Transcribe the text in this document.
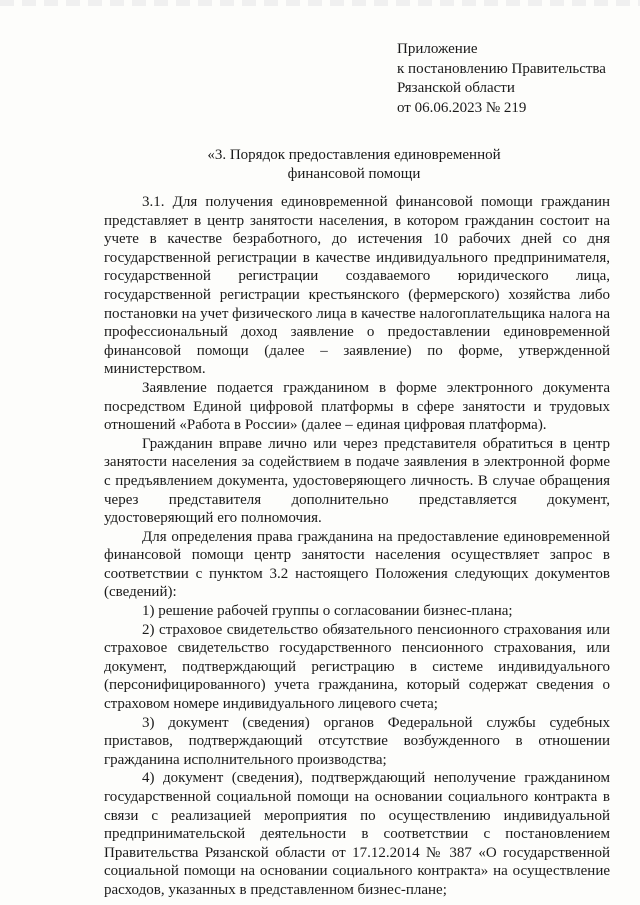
Приложение
к постановлению Правительства
Рязанской области
от 06.06.2023 № 219
«3. Порядок предоставления единовременной
финансовой помощи

3.1. Для получения единовременной финансовой помощи гражданин представляет в центр занятости населения, в котором гражданин состоит на учете в качестве безработного, до истечения 10 рабочих дней со дня государственной регистрации в качестве индивидуального предпринимателя, государственной регистрации создаваемого юридического лица, государственной регистрации крестьянского (фермерского) хозяйства либо постановки на учет физического лица в качестве налогоплательщика налога на профессиональный доход заявление о предоставлении единовременной финансовой помощи (далее – заявление) по форме, утвержденной министерством.

Заявление подается гражданином в форме электронного документа посредством Единой цифровой платформы в сфере занятости и трудовых отношений «Работа в России» (далее – единая цифровая платформа).

Гражданин вправе лично или через представителя обратиться в центр занятости населения за содействием в подаче заявления в электронной форме с предъявлением документа, удостоверяющего личность. В случае обращения через представителя дополнительно представляется документ, удостоверяющий его полномочия.

Для определения права гражданина на предоставление единовременной финансовой помощи центр занятости населения осуществляет запрос в соответствии с пунктом 3.2 настоящего Положения следующих документов (сведений):

1) решение рабочей группы о согласовании бизнес-плана;

2) страховое свидетельство обязательного пенсионного страхования или страховое свидетельство государственного пенсионного страхования, или документ, подтверждающий регистрацию в системе индивидуального (персонифицированного) учета гражданина, который содержат сведения о страховом номере индивидуального лицевого счета;

3) документ (сведения) органов Федеральной службы судебных приставов, подтверждающий отсутствие возбужденного в отношении гражданина исполнительного производства;

4) документ (сведения), подтверждающий неполучение гражданином государственной социальной помощи на основании социального контракта в связи с реализацией мероприятия по осуществлению индивидуальной предпринимательской деятельности в соответствии с постановлением Правительства Рязанской области от 17.12.2014 № 387 «О государственной социальной помощи на основании социального контракта» на осуществление расходов, указанных в представленном бизнес-плане;
